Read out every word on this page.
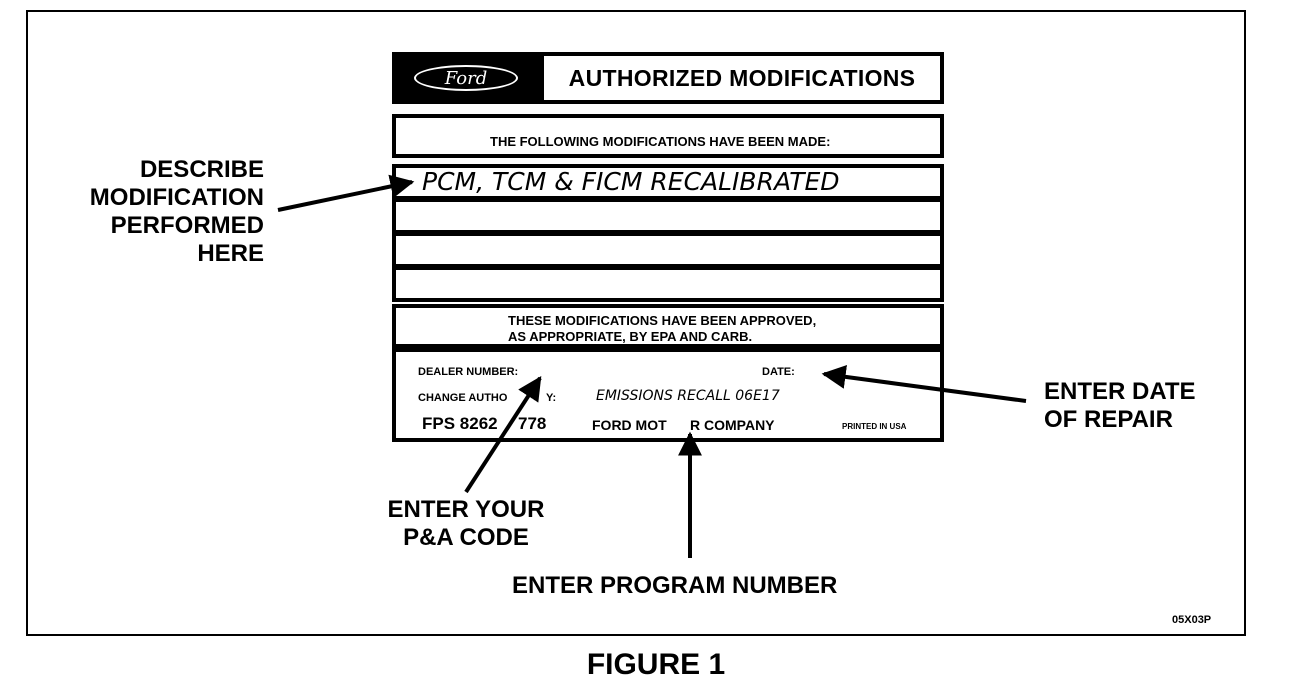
DESCRIBE
MODIFICATION
PERFORMED
HERE
ENTER DATE
OF REPAIR
ENTER YOUR
P&A CODE
ENTER PROGRAM NUMBER
Ford	AUTHORIZED MODIFICATIONS
THE FOLLOWING MODIFICATIONS HAVE BEEN MADE:
PCM, TCM & FICM RECALIBRATED
THESE MODIFICATIONS HAVE BEEN APPROVED,
AS APPROPRIATE, BY EPA AND CARB.
DEALER NUMBER:	DATE:
CHANGE AUTHO	Y:	EMISSIONS RECALL 06E17
FPS 8262 778	FORD MOT R COMPANY	PRINTED IN USA
05X03P
FIGURE 1
